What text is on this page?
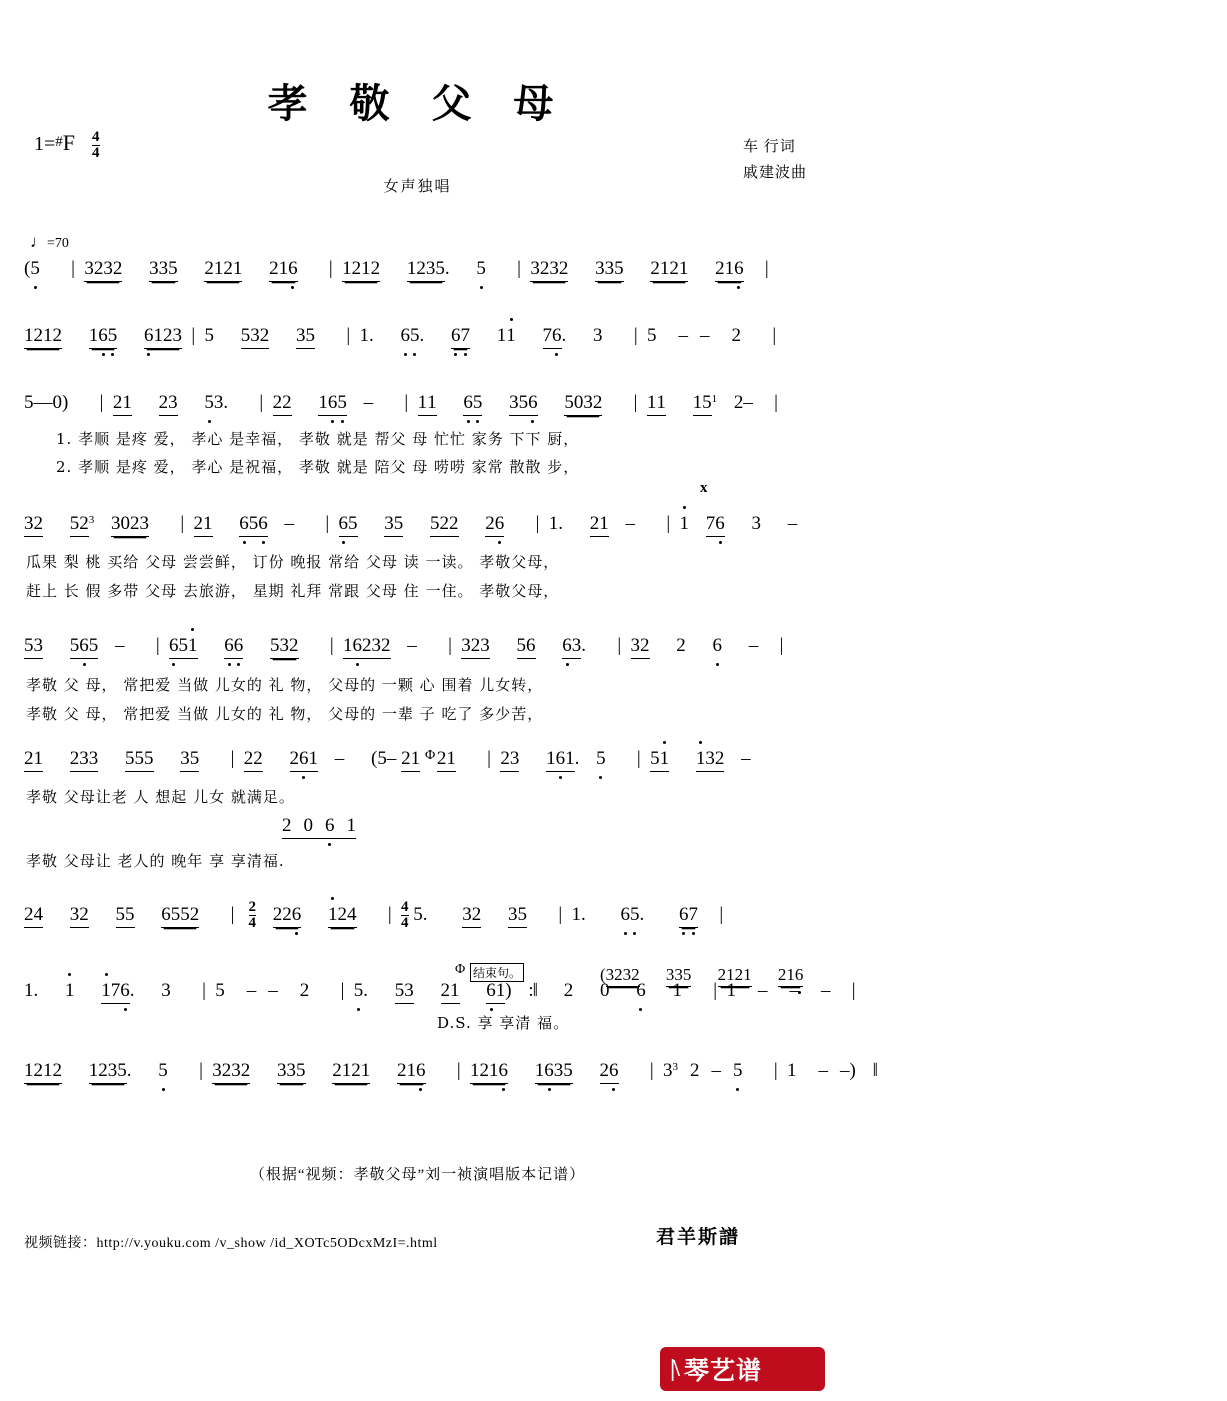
孝 敬 父 母
$1=^{\#}F \frac{4}{4}$
女声独唱
车 行词
戚建波曲
♩=70
(5 | 3232 335 2121 216 | 1212 1235. 5 | 3232 335 2121 216 |
1212 165 6123 | 5 532 35 | 1. 65. 67 11 76. 3 | 5 – – 2 |
5––0) | 21 23 53. | 22 165 – | 11 65 356 5032 | 11 $15^1$ 2– |
1. 孝顺 是疼 爱， 孝心 是幸福， 孝敬 就是 帮父 母 忙忙 家务 下下 厨，
2. 孝顺 是疼 爱， 孝心 是祝福， 孝敬 就是 陪父 母 唠唠 家常 散散 步，
x
32 $52^3$ 3023 | 21 656 – | 65 35 522 26 | 1. 21 – | 1 76 3 –
瓜果 梨 桃 买给 父母 尝尝鲜， 订份 晚报 常给 父母 读 一读。 孝敬父母，
赶上 长 假 多带 父母 去旅游， 星期 礼拜 常跟 父母 住 一住。 孝敬父母，
53 565 – | 651 66 532 | 16232 – | 323 56 63. | 32 2 6 – |
孝敬 父 母， 常把爱 当做 儿女的 礼 物， 父母的 一颗 心 围着 儿女转，
孝敬 父 母， 常把爱 当做 儿女的 礼 物， 父母的 一辈 子 吃了 多少苦，
Φ
21 233 555 35 | 22 261 – (5– 21 21 | 23 161. 5 | 51 132 –
孝敬 父母让老 人 想起 儿女 就满足。
2 0 6 1
孝敬 父母让 老人的 晚年 享 享清福.
24 32 55 6552 |	$\frac{2}{4} 226$ 124 |	$\frac{4}{4} 5$. 32 35 | 1. 65. 67 |
1. 1 176. 3 | 5 – – 2 | 5. 53 21 61) :‖ 2 0 6 1 | 1 – – – |
Φ 结束句。	(3232 335 2121 216
D.S. 享 享清 福。
1212 1235. 5 | 3232 335 2121 216 | 1216 1635 26 | $3^3$ 2 – 5 | 1 – –) ‖
（根据“视频：孝敬父母”刘一祯演唱版本记谱）
视频链接：http://v.youku.com /v_show /id_XOTc5ODcxMzI=.html	君羊斯譜
|\ 琴艺谱
